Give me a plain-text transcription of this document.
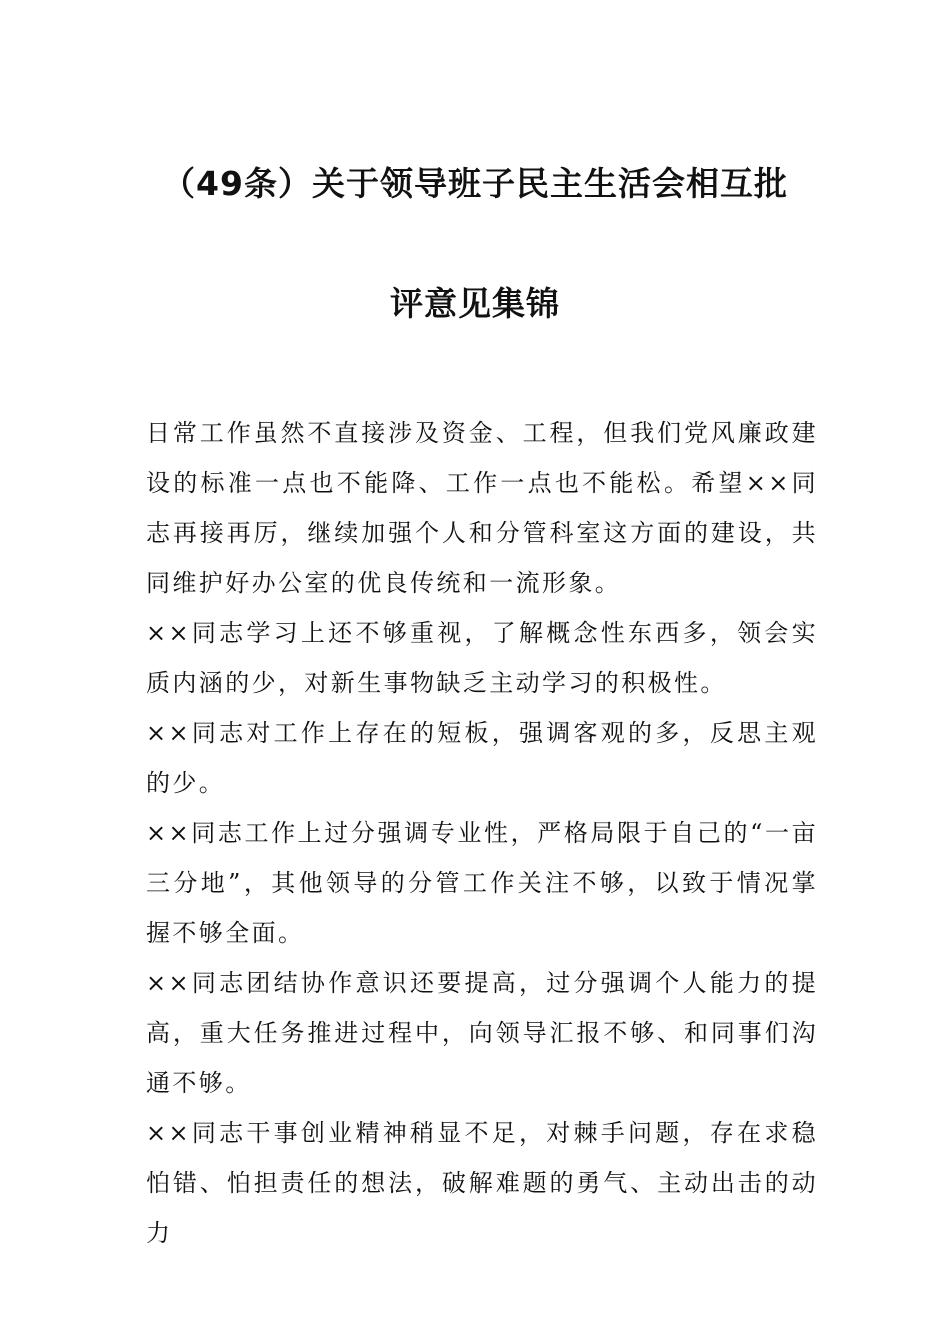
（49条）关于领导班子民主生活会相互批
评意见集锦

日常工作虽然不直接涉及资金、工程，但我们党风廉政建设的标准一点也不能降、工作一点也不能松。希望××同志再接再厉，继续加强个人和分管科室这方面的建设，共同维护好办公室的优良传统和一流形象。

××同志学习上还不够重视，了解概念性东西多，领会实质内涵的少，对新生事物缺乏主动学习的积极性。

××同志对工作上存在的短板，强调客观的多，反思主观的少。

××同志工作上过分强调专业性，严格局限于自己的“一亩三分地”，其他领导的分管工作关注不够，以致于情况掌握不够全面。

××同志团结协作意识还要提高，过分强调个人能力的提高，重大任务推进过程中，向领导汇报不够、和同事们沟通不够。

××同志干事创业精神稍显不足，对棘手问题，存在求稳怕错、怕担责任的想法，破解难题的勇气、主动出击的动力
